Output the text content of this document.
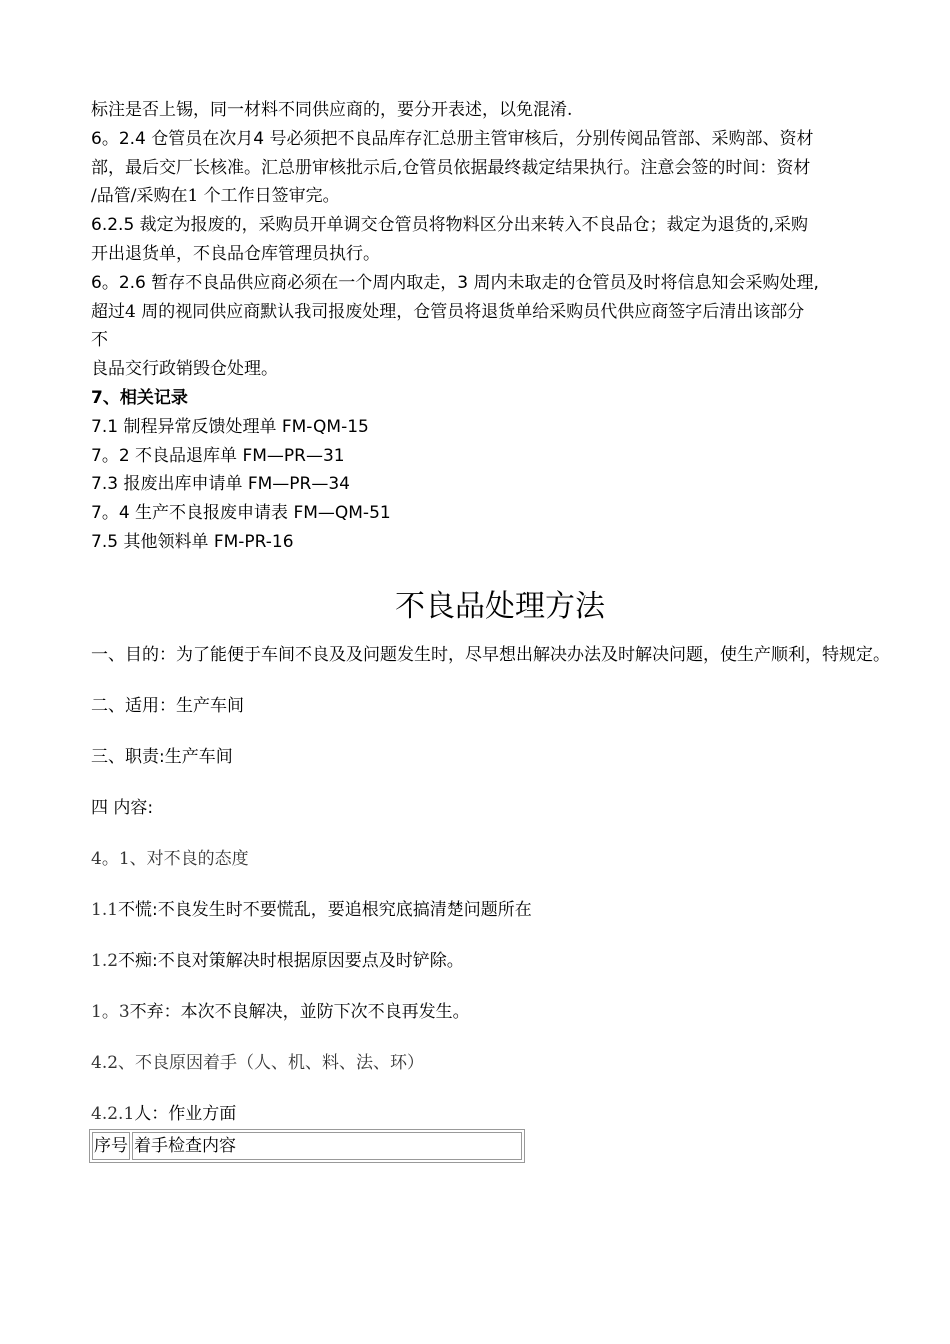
标注是否上锡，同一材料不同供应商的，要分开表述，以免混淆.

6。2.4 仓管员在次月4 号必须把不良品库存汇总册主管审核后，分别传阅品管部、采购部、资材

部，最后交厂长核准。汇总册审核批示后,仓管员依据最终裁定结果执行。注意会签的时间：资材

/品管/采购在1 个工作日签审完。

6.2.5 裁定为报废的，采购员开单调交仓管员将物料区分出来转入不良品仓；裁定为退货的,采购

开出退货单，不良品仓库管理员执行。

6。2.6 暂存不良品供应商必须在一个周内取走，3 周内未取走的仓管员及时将信息知会采购处理,

超过4 周的视同供应商默认我司报废处理，仓管员将退货单给采购员代供应商签字后清出该部分

不

良品交行政销毁仓处理。

7、相关记录

7.1 制程异常反馈处理单 FM-QM-15

7。2 不良品退库单 FM—PR—31

7.3 报废出库申请单 FM—PR—34

7。4 生产不良报废申请表 FM—QM-51

7.5 其他领料单 FM-PR-16

不良品处理方法

一、目的：为了能便于车间不良及及问题发生时，尽早想出解决办法及时解决问题，使生产顺利，特规定。

二、适用：生产车间

三、职责:生产车间

四 内容:

4。1、对不良的态度

1.1不慌:不良发生时不要慌乱，要追根究底搞清楚问题所在

1.2不痴:不良对策解决时根据原因要点及时铲除。

1。3不弃：本次不良解决，並防下次不良再发生。

4.2、不良原因着手（人、机、料、法、环）

4.2.1人：作业方面

序号	着手检查内容
